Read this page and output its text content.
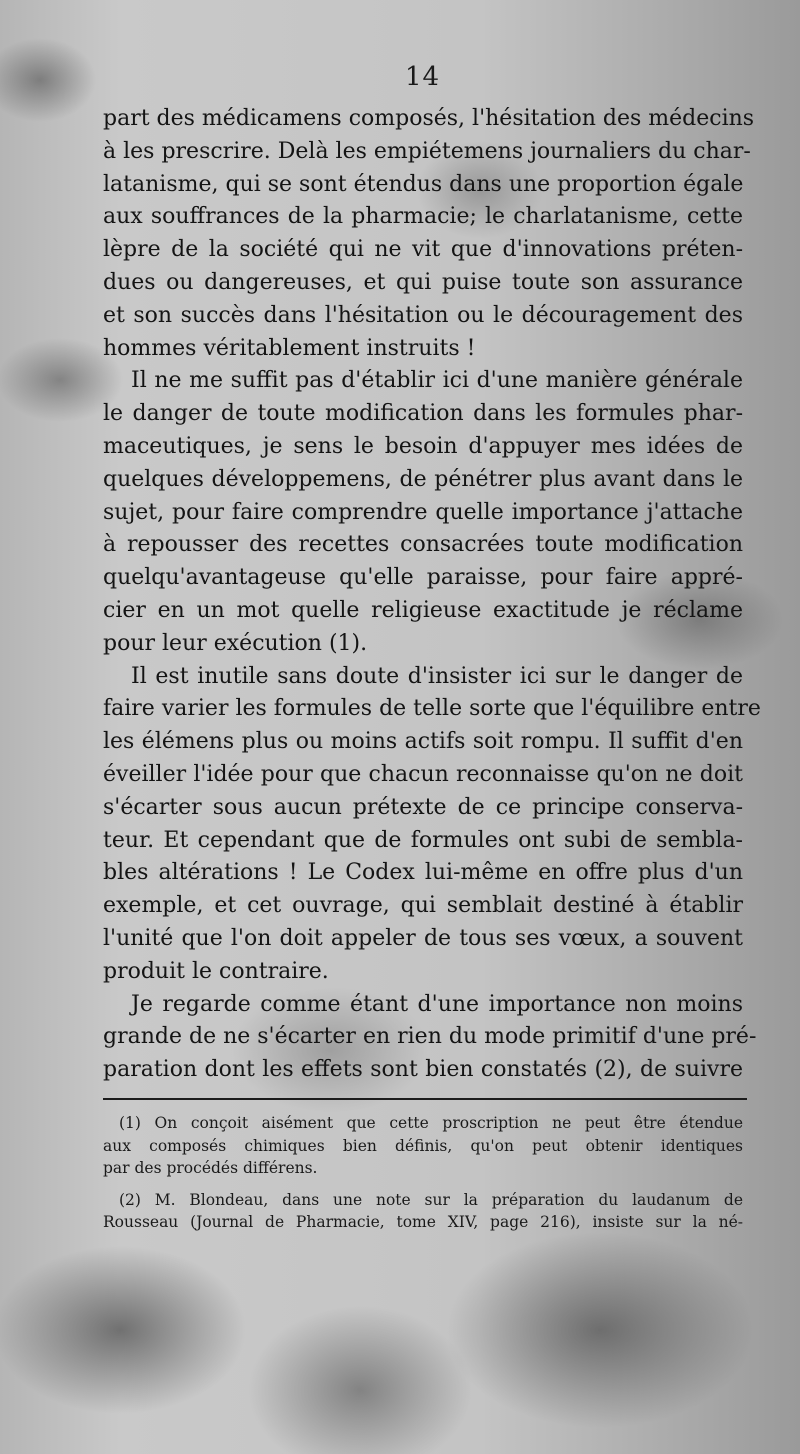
14
part des médicamens composés, l'hésitation des médecins
à les prescrire. Delà les empiétemens journaliers du char-
latanisme, qui se sont étendus dans une proportion égale
aux souffrances de la pharmacie; le charlatanisme, cette
lèpre de la société qui ne vit que d'innovations préten-
dues ou dangereuses, et qui puise toute son assurance
et son succès dans l'hésitation ou le découragement des
hommes véritablement instruits !
Il ne me suffit pas d'établir ici d'une manière générale
le danger de toute modification dans les formules phar-
maceutiques, je sens le besoin d'appuyer mes idées de
quelques développemens, de pénétrer plus avant dans le
sujet, pour faire comprendre quelle importance j'attache
à repousser des recettes consacrées toute modification
quelqu'avantageuse qu'elle paraisse, pour faire appré-
cier en un mot quelle religieuse exactitude je réclame
pour leur exécution (1).
Il est inutile sans doute d'insister ici sur le danger de
faire varier les formules de telle sorte que l'équilibre entre
les élémens plus ou moins actifs soit rompu. Il suffit d'en
éveiller l'idée pour que chacun reconnaisse qu'on ne doit
s'écarter sous aucun prétexte de ce principe conserva-
teur. Et cependant que de formules ont subi de sembla-
bles altérations ! Le Codex lui-même en offre plus d'un
exemple, et cet ouvrage, qui semblait destiné à établir
l'unité que l'on doit appeler de tous ses vœux, a souvent
produit le contraire.
Je regarde comme étant d'une importance non moins
grande de ne s'écarter en rien du mode primitif d'une pré-
paration dont les effets sont bien constatés (2), de suivre
(1) On conçoit aisément que cette proscription ne peut être étendue
aux composés chimiques bien définis, qu'on peut obtenir identiques
par des procédés différens.
(2) M. Blondeau, dans une note sur la préparation du laudanum de
Rousseau (Journal de Pharmacie, tome XIV, page 216), insiste sur la né-
